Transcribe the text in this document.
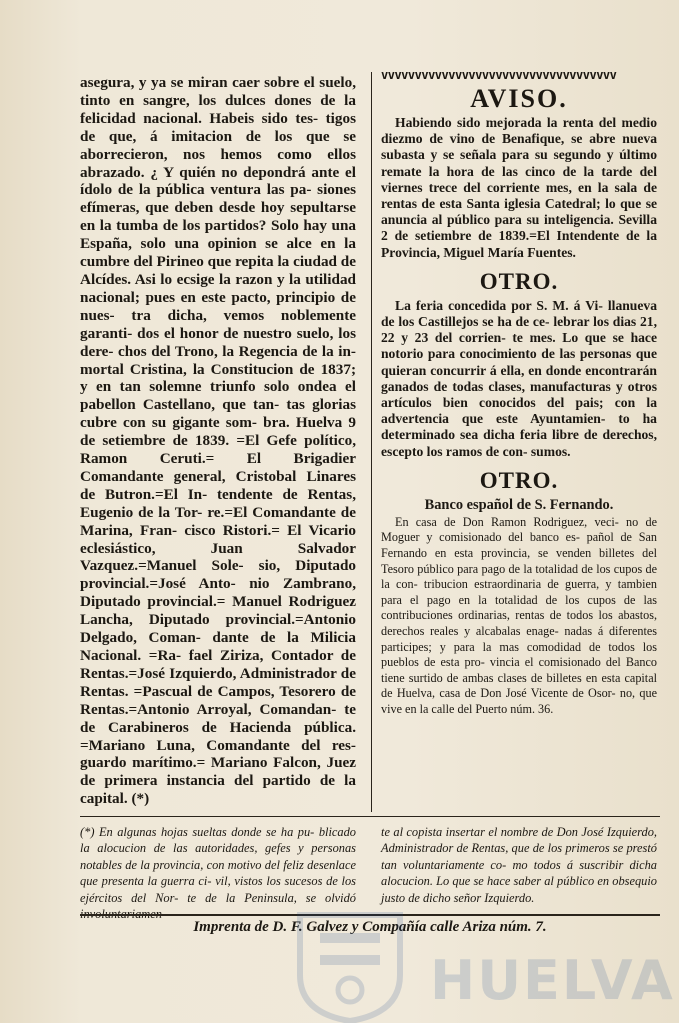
asegura, y ya se miran caer sobre el suelo, tinto en sangre, los dulces dones de la felicidad nacional. Habeis sido tes- tigos de que, á imitacion de los que se aborrecieron, nos hemos como ellos abrazado. ¿ Y quién no depondrá ante el ídolo de la pública ventura las pa- siones efímeras, que deben desde hoy sepultarse en la tumba de los partidos? Solo hay una España, solo una opinion se alce en la cumbre del Pirineo que repita la ciudad de Alcídes. Asi lo ecsige la razon y la utilidad nacional; pues en este pacto, principio de nues- tra dicha, vemos noblemente garanti- dos el honor de nuestro suelo, los dere- chos del Trono, la Regencia de la in- mortal Cristina, la Constitucion de 1837; y en tan solemne triunfo solo ondea el pabellon Castellano, que tan- tas glorias cubre con su gigante som- bra. Huelva 9 de setiembre de 1839. =El Gefe político, Ramon Ceruti.= El Brigadier Comandante general, Cristobal Linares de Butron.=El In- tendente de Rentas, Eugenio de la Tor- re.=El Comandante de Marina, Fran- cisco Ristori.= El Vicario eclesiástico, Juan Salvador Vazquez.=Manuel Sole- sio, Diputado provincial.=José Anto- nio Zambrano, Diputado provincial.= Manuel Rodriguez Lancha, Diputado provincial.=Antonio Delgado, Coman- dante de la Milicia Nacional. =Ra- fael Ziriza, Contador de Rentas.=José Izquierdo, Administrador de Rentas. =Pascual de Campos, Tesorero de Rentas.=Antonio Arroyal, Comandan- te de Carabineros de Hacienda pública. =Mariano Luna, Comandante del res- guardo marítimo.= Mariano Falcon, Juez de primera instancia del partido de la capital. (*)

vvvvvvvvvvvvvvvvvvvvvvvvvvvvvvvvvvv
AVISO.

Habiendo sido mejorada la renta del medio diezmo de vino de Benafique, se abre nueva subasta y se señala para su segundo y último remate la hora de las cinco de la tarde del viernes trece del corriente mes, en la sala de rentas de esta Santa iglesia Catedral; lo que se anuncia al público para su inteligencia. Sevilla 2 de setiembre de 1839.=El Intendente de la Provincia, Miguel María Fuentes.

OTRO.

La feria concedida por S. M. á Vi- llanueva de los Castillejos se ha de ce- lebrar los dias 21, 22 y 23 del corrien- te mes. Lo que se hace notorio para conocimiento de las personas que quieran concurrir á ella, en donde encontrarán ganados de todas clases, manufacturas y otros artículos bien conocidos del pais; con la advertencia que este Ayuntamien- to ha determinado sea dicha feria libre de derechos, escepto los ramos de con- sumos.

OTRO.
Banco español de S. Fernando.

En casa de Don Ramon Rodriguez, veci- no de Moguer y comisionado del banco es- pañol de San Fernando en esta provincia, se venden billetes del Tesoro público para pago de la totalidad de los cupos de la con- tribucion estraordinaria de guerra, y tambien para el pago en la totalidad de los cupos de las contribuciones ordinarias, rentas de todos los abastos, derechos reales y alcabalas enage- nadas á diferentes participes; y para la mas comodidad de todos los pueblos de esta pro- vincia el comisionado del Banco tiene surtido de ambas clases de billetes en esta capital de Huelva, casa de Don José Vicente de Osor- no, que vive en la calle del Puerto núm. 36.

(*) En algunas hojas sueltas donde se ha pu- blicado la alocucion de las autoridades, gefes y personas notables de la provincia, con motivo del feliz desenlace que presenta la guerra ci- vil, vistos los sucesos de los ejércitos del Nor- te de la Peninsula, se olvidó

te al copista insertar el nombre de Don José Izquierdo, Administrador de Rentas, que de los primeros se prestó tan voluntariamente co- mo todos á suscribir dicha alocucion. Lo que se hace saber al público en obsequio justo de dicho señor Izquierdo.

Imprenta de D. F. Galvez y Compañía calle Ariza núm. 7.
HUELVA
